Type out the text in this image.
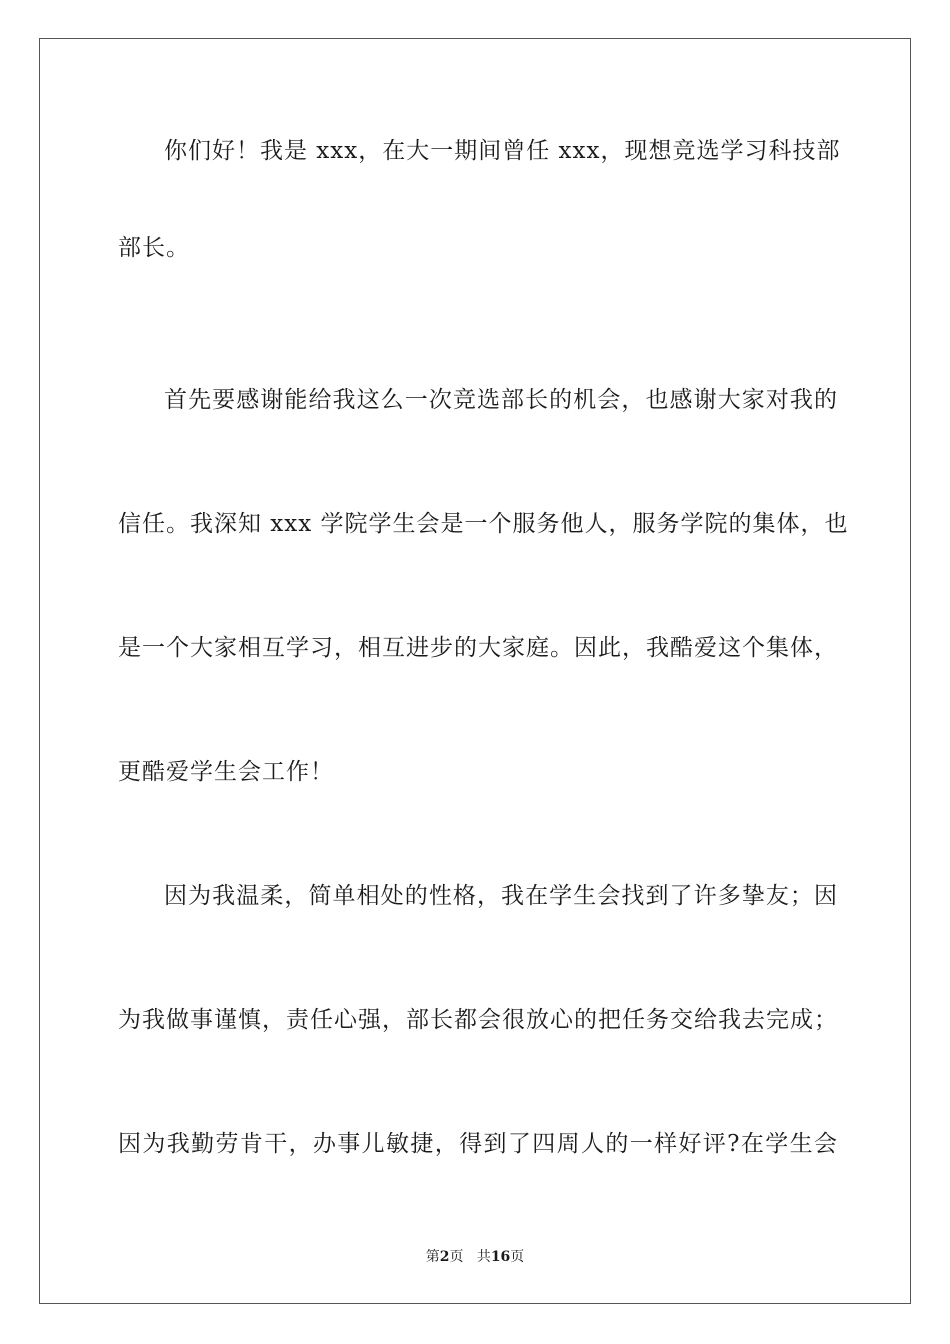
你们好！我是 xxx，在大一期间曾任 xxx，现想竞选学习科技部
部长。
首先要感谢能给我这么一次竞选部长的机会，也感谢大家对我的
信任。我深知 xxx 学院学生会是一个服务他人，服务学院的集体，也
是一个大家相互学习，相互进步的大家庭。因此，我酷爱这个集体，
更酷爱学生会工作！
因为我温柔，简单相处的性格，我在学生会找到了许多挚友；因
为我做事谨慎，责任心强，部长都会很放心的把任务交给我去完成；
因为我勤劳肯干，办事儿敏捷，得到了四周人的一样好评?在学生会
第2页 共16页
